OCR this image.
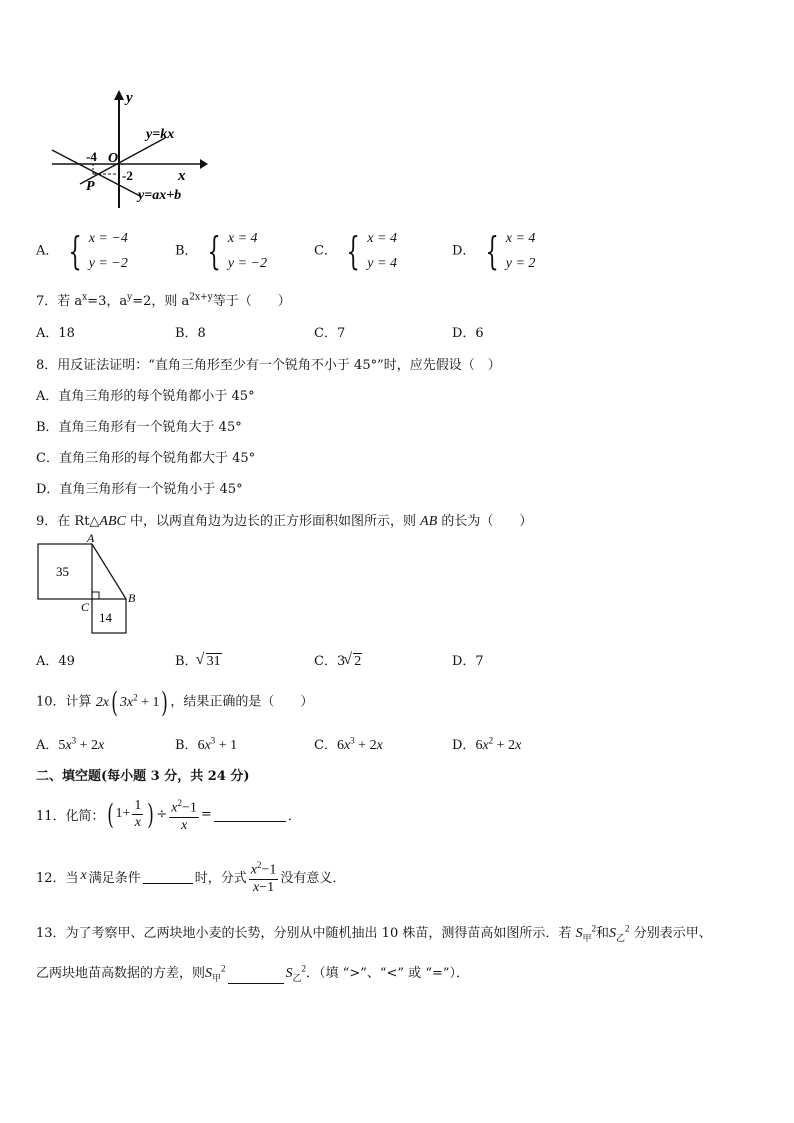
y
x
y=kx
y=ax+b
O
P
-4
-2
A． { x = −4
y = −2
B． { x = 4
y = −2
C． { x = 4
y = 4
D． { x = 4
y = 2
7．若 $a^x=3$，$a^y=2$，则 $a^{2x+y}$等于（　　）
A．18	B．8	C．7	D．6
8．用反证法证明：“直角三角形至少有一个锐角不小于 45°”时，应先假设（　）
A．直角三角形的每个锐角都小于 45°
B．直角三角形有一个锐角大于 45°
C．直角三角形的每个锐角都大于 45°
D．直角三角形有一个锐角小于 45°
9．在 Rt△ABC 中，以两直角边为边长的正方形面积如图所示，则 AB 的长为（　　）
35
14
A
B
C
A．49	B． √ 31	C．3 √ 2	D．7
10．计算 2x( $3x^2 + 1$) ，结果正确的是（　　）
A．$5x^3 + 2x$	B．$6x^3 + 1$	C．$6x^3 + 2x$	D．$6x^2 + 2x$
二、填空题(每小题 3 分，共 24 分)
11．化简： ( $1+ \frac{1}{x}$ ) ÷ $\frac{x^2-1}{x}$ =	．
12．当 x 满足条件	时，分式 $\frac{x^2-1}{x-1}$ 没有意义．
13．为了考察甲、乙两块地小麦的长势，分别从中随机抽出 10 株苗，测得苗高如图所示．若 $S_甲^2$和$S_乙^2$ 分别表示甲、
乙两块地苗高数据的方差，则$S_甲^2$	$S_乙^2$．（填 “>”、“<” 或 “=”）．
